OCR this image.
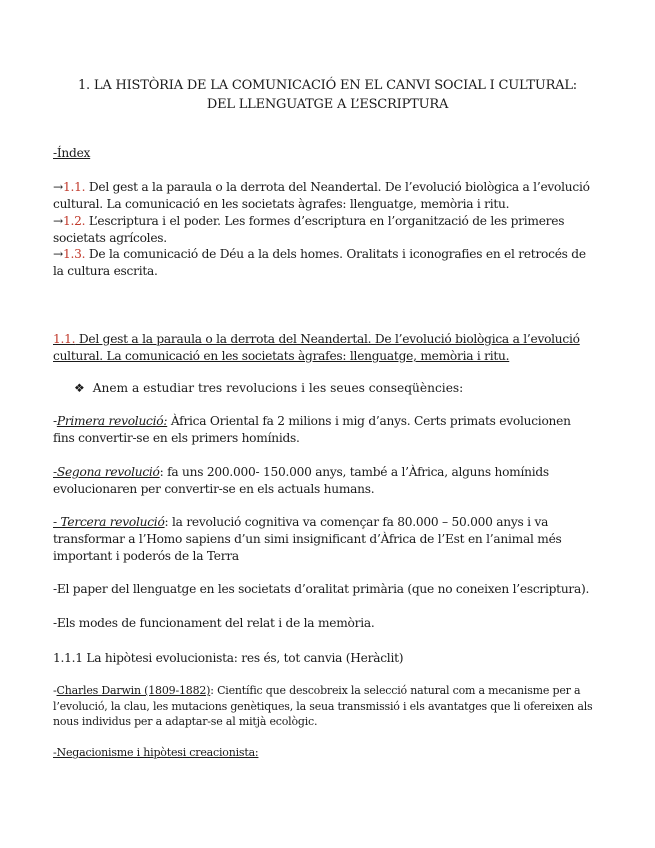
1. LA HISTÒRIA DE LA COMUNICACIÓ EN EL CANVI SOCIAL I CULTURAL:
DEL LLENGUATGE A L’ESCRIPTURA
-Índex
→1.1. Del gest a la paraula o la derrota del Neandertal. De l’evolució biològica a l’evolució cultural. La comunicació en les societats àgrafes: llenguatge, memòria i ritu.
→1.2. L’escriptura i el poder. Les formes d’escriptura en l’organització de les primeres societats agrícoles.
→1.3. De la comunicació de Déu a la dels homes. Oralitats i iconografies en el retrocés de la cultura escrita.
1.1. Del gest a la paraula o la derrota del Neandertal. De l’evolució biològica a l’evolució cultural. La comunicació en les societats àgrafes: llenguatge, memòria i ritu.
❖ Anem a estudiar tres revolucions i les seues conseqüències:
-Primera revolució: Àfrica Oriental fa 2 milions i mig d’anys. Certs primats evolucionen fins convertir-se en els primers homínids.
-Segona revolució: fa uns 200.000- 150.000 anys, també a l’Àfrica, alguns homínids evolucionaren per convertir-se en els actuals humans.
- Tercera revolució: la revolució cognitiva va començar fa 80.000 – 50.000 anys i va transformar a l’Homo sapiens d’un simi insignificant d’Àfrica de l’Est en l’animal més important i poderós de la Terra
-El paper del llenguatge en les societats d’oralitat primària (que no coneixen l’escriptura).
-Els modes de funcionament del relat i de la memòria.
1.1.1 La hipòtesi evolucionista: res és, tot canvia (Heràclit)
-Charles Darwin (1809-1882): Científic que descobreix la selecció natural com a mecanisme per a l’evolució, la clau, les mutacions genètiques, la seua transmissió i els avantatges que li ofereixen als nous individus per a adaptar-se al mitjà ecològic.
-Negacionisme i hipòtesi creacionista:
